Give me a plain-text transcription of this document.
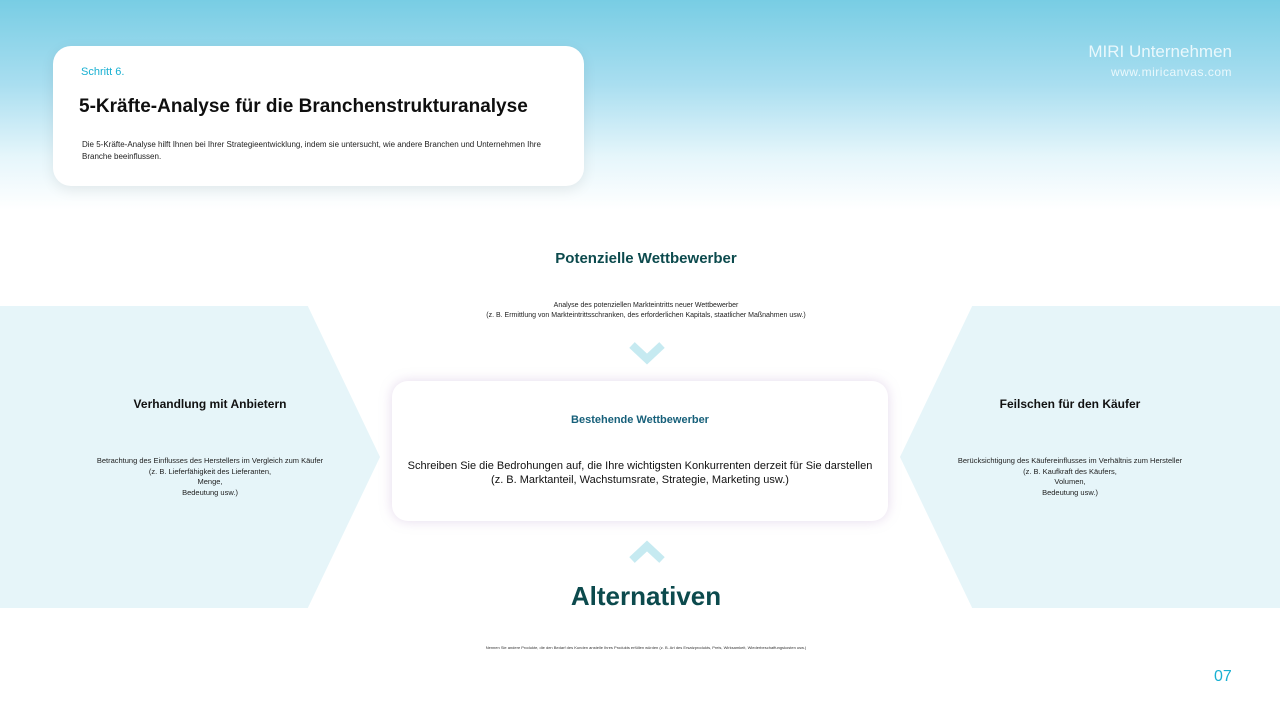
Schritt 6.
5-Kräfte-Analyse für die Branchenstrukturanalyse
Die 5-Kräfte-Analyse hilft Ihnen bei Ihrer Strategieentwicklung, indem sie untersucht, wie andere Branchen und Unternehmen Ihre Branche beeinflussen.
MIRI Unternehmen
www.miricanvas.com
Verhandlung mit Anbietern
Betrachtung des Einflusses des Herstellers im Vergleich zum Käufer
(z. B. Lieferfähigkeit des Lieferanten,
Menge,
Bedeutung usw.)
Feilschen für den Käufer
Berücksichtigung des Käufereinflusses im Verhältnis zum Hersteller
(z. B. Kaufkraft des Käufers,
Volumen,
Bedeutung usw.)
Potenzielle Wettbewerber
Analyse des potenziellen Markteintritts neuer Wettbewerber
(z. B. Ermittlung von Markteintrittsschranken, des erforderlichen Kapitals, staatlicher Maßnahmen usw.)
Bestehende Wettbewerber
Schreiben Sie die Bedrohungen auf, die Ihre wichtigsten Konkurrenten derzeit für Sie darstellen
(z. B. Marktanteil, Wachstumsrate, Strategie, Marketing usw.)
Alternativen
Nennen Sie andere Produkte, die den Bedarf des Kunden anstelle Ihres Produkts erfüllen würden (z. B. Art des Ersatzprodukts, Preis, Wirksamkeit, Wiederbeschaffungskosten usw.)
07
